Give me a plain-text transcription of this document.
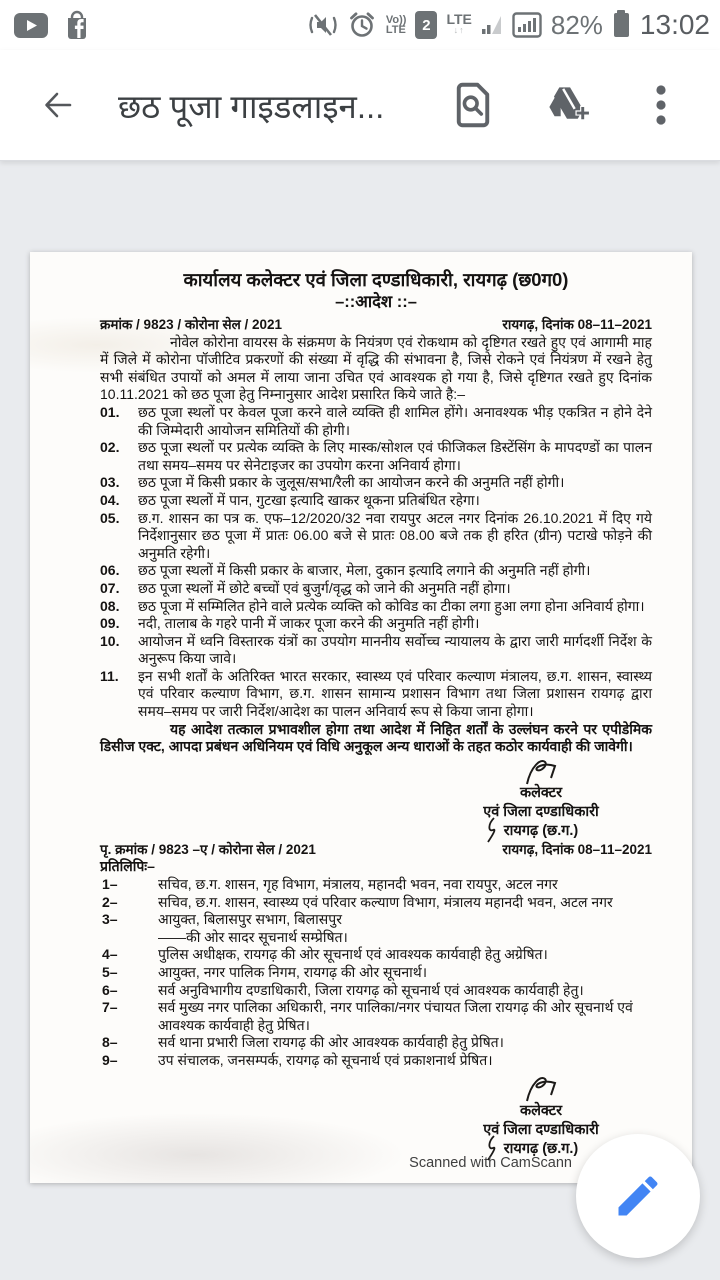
Vo))
LTE	2	LTE
↓↑	82% 13:02
छठ पूजा गाइडलाइन...
कार्यालय कलेक्टर एवं जिला दण्डाधिकारी, रायगढ़ (छ0ग0)
–::आदेश ::–
क्रमांक / 9823 / कोरोना सेल / 2021	रायगढ़, दिनांक 08–11–2021
नोवेल कोरोना वायरस के संक्रमण के नियंत्रण एवं रोकथाम को दृष्टिगत रखते हुए एवं आगामी माह में जिले में कोरोना पॉजीटिव प्रकरणों की संख्या में वृद्धि की संभावना है, जिसे रोकने एवं नियंत्रण में रखने हेतु सभी संबंधित उपायों को अमल में लाया जाना उचित एवं आवश्यक हो गया है, जिसे दृष्टिगत रखते हुए दिनांक 10.11.2021 को छठ पूजा हेतु निम्नानुसार आदेश प्रसारित किये जाते है:–
01.	छठ पूजा स्थलों पर केवल पूजा करने वाले व्यक्ति ही शामिल होंगे। अनावश्यक भीड़ एकत्रित न होने देने की जिम्मेदारी आयोजन समितियों की होगी।
02.	छठ पूजा स्थलों पर प्रत्येक व्यक्ति के लिए मास्क/सोशल एवं फीजिकल डिस्टेंसिंग के मापदण्डों का पालन तथा समय–समय पर सेनेटाइजर का उपयोग करना अनिवार्य होगा।
03.	छठ पूजा में किसी प्रकार के जुलूस/सभा/रैली का आयोजन करने की अनुमति नहीं होगी।
04.	छठ पूजा स्थलों में पान, गुटखा इत्यादि खाकर थूकना प्रतिबंधित रहेगा।
05.	छ.ग. शासन का पत्र क. एफ–12/2020/32 नवा रायपुर अटल नगर दिनांक 26.10.2021 में दिए गये निर्देशानुसार छठ पूजा में प्रातः 06.00 बजे से प्रातः 08.00 बजे तक ही हरित (ग्रीन) पटाखे फोड़ने की अनुमति रहेगी।
06.	छठ पूजा स्थलों में किसी प्रकार के बाजार, मेला, दुकान इत्यादि लगाने की अनुमति नहीं होगी।
07.	छठ पूजा स्थलों में छोटे बच्चों एवं बुजुर्ग/वृद्ध को जाने की अनुमति नहीं होगा।
08.	छठ पूजा में सम्मिलित होने वाले प्रत्येक व्यक्ति को कोविड का टीका लगा हुआ लगा होना अनिवार्य होगा।
09.	नदी, तालाब के गहरे पानी में जाकर पूजा करने की अनुमति नहीं होगी।
10.	आयोजन में ध्वनि विस्तारक यंत्रों का उपयोग माननीय सर्वोच्च न्यायालय के द्वारा जारी मार्गदर्शी निर्देश के अनुरूप किया जावे।
11.	इन सभी शर्तों के अतिरिक्त भारत सरकार, स्वास्थ्य एवं परिवार कल्याण मंत्रालय, छ.ग. शासन, स्वास्थ्य एवं परिवार कल्याण विभाग, छ.ग. शासन सामान्य प्रशासन विभाग तथा जिला प्रशासन रायगढ़ द्वारा समय–समय पर जारी निर्देश/आदेश का पालन अनिवार्य रूप से किया जाना होगा।
यह आदेश तत्काल प्रभावशील होगा तथा आदेश में निहित शर्तों के उल्लंघन करने पर एपीडेमिक डिसीज एक्ट, आपदा प्रबंधन अधिनियम एवं विधि अनुकूल अन्य धाराओं के तहत कठोर कार्यवाही की जावेगी।
कलेक्टर
एवं जिला दण्डाधिकारी
रायगढ़ (छ.ग.)
पृ. क्रमांक / 9823 –ए / कोरोना सेल / 2021	रायगढ़, दिनांक 08–11–2021
प्रतिलिपिः–
1–	सचिव, छ.ग. शासन, गृह विभाग, मंत्रालय, महानदी भवन, नवा रायपुर, अटल नगर
2–	सचिव, छ.ग. शासन, स्वास्थ्य एवं परिवार कल्याण विभाग, मंत्रालय महानदी भवन, अटल नगर
3–	आयुक्त, बिलासपुर सभाग, बिलासपुर
——की ओर सादर सूचनार्थ सम्प्रेषित।
4–	पुलिस अधीक्षक, रायगढ़ की ओर सूचनार्थ एवं आवश्यक कार्यवाही हेतु अग्रेषित।
5–	आयुक्त, नगर पालिक निगम, रायगढ़ की ओर सूचनार्थ।
6–	सर्व अनुविभागीय दण्डाधिकारी, जिला रायगढ़ को सूचनार्थ एवं आवश्यक कार्यवाही हेतु।
7–	सर्व मुख्य नगर पालिका अधिकारी, नगर पालिका/नगर पंचायत जिला रायगढ़ की ओर सूचनार्थ एवं आवश्यक कार्यवाही हेतु प्रेषित।
8–	सर्व थाना प्रभारी जिला रायगढ़ की ओर आवश्यक कार्यवाही हेतु प्रेषित।
9–	उप संचालक, जनसम्पर्क, रायगढ़ को सूचनार्थ एवं प्रकाशनार्थ प्रेषित।
कलेक्टर
एवं जिला दण्डाधिकारी
रायगढ़ (छ.ग.)
Scanned with CamScann
